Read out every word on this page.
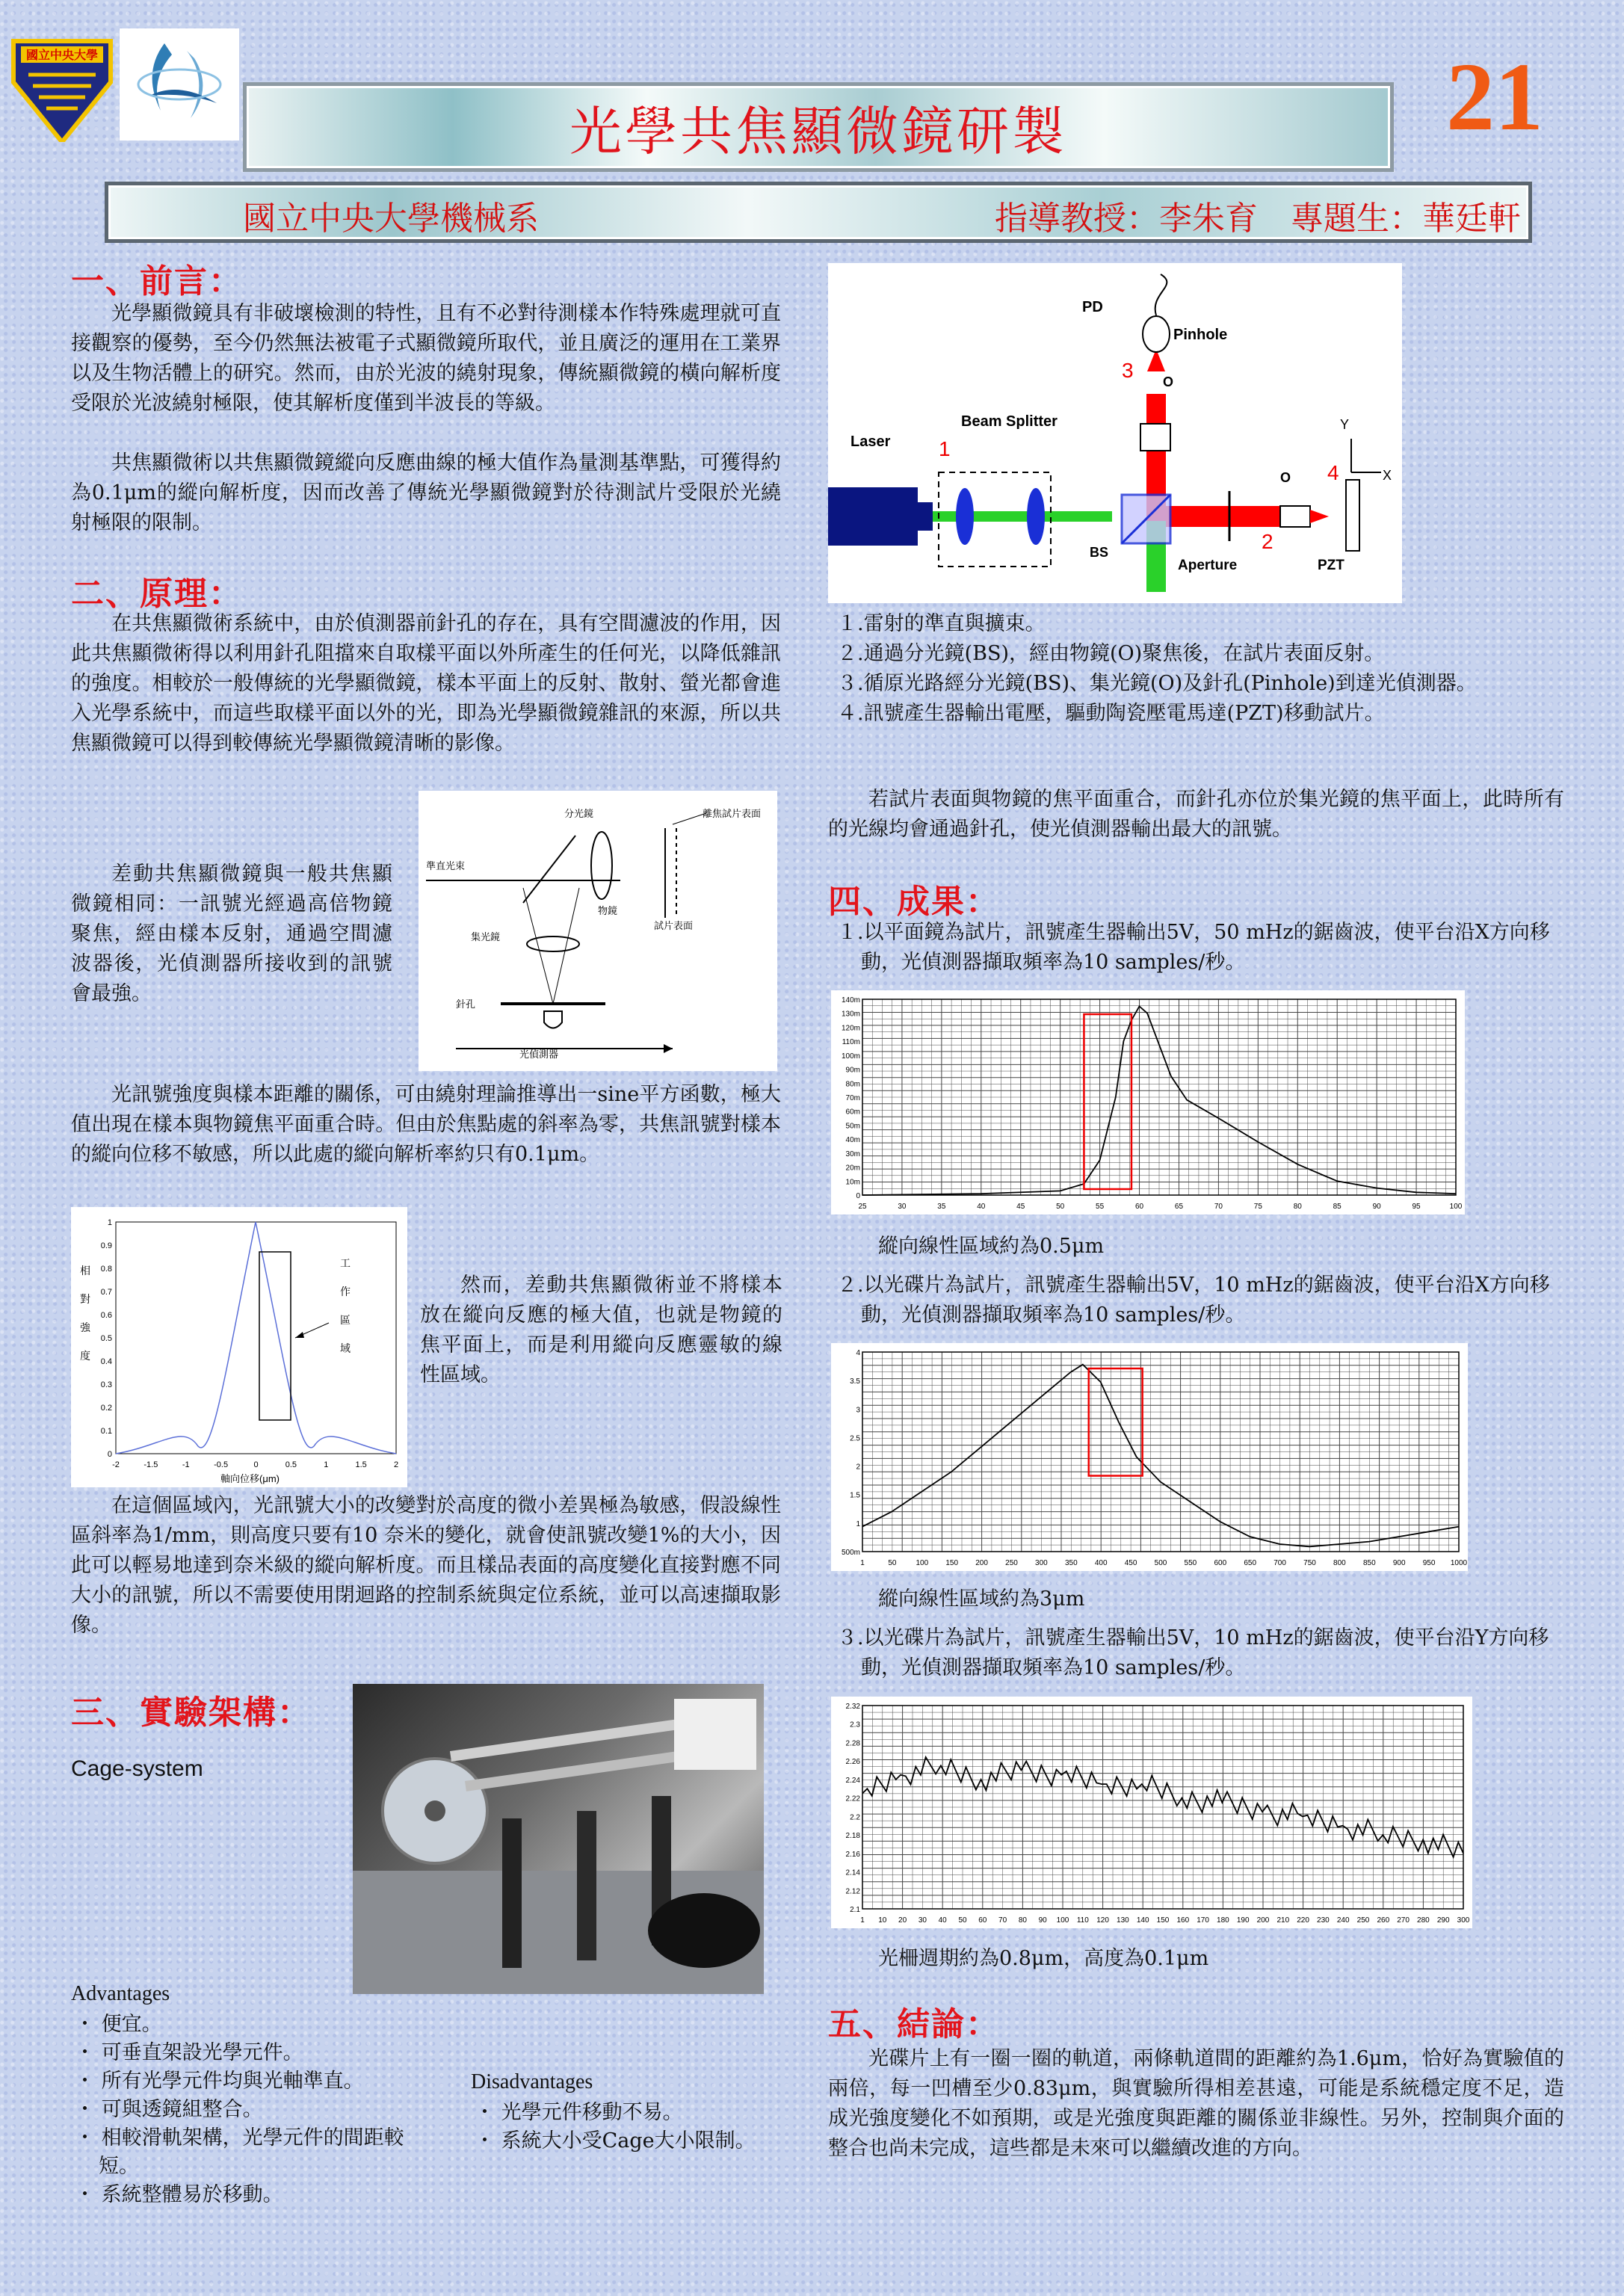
國立中央大學
光學共焦顯微鏡研製	21
國立中央大學機械系	指導教授：李朱育　專題生：華廷軒
一、前言：
光學顯微鏡具有非破壞檢測的特性，且有不必對待測樣本作特殊處理就可直接觀察的優勢，至今仍然無法被電子式顯微鏡所取代，並且廣泛的運用在工業界以及生物活體上的研究。然而，由於光波的繞射現象，傳統顯微鏡的橫向解析度受限於光波繞射極限，使其解析度僅到半波長的等級。
共焦顯微術以共焦顯微鏡縱向反應曲線的極大值作為量測基準點，可獲得約為0.1μm的縱向解析度，因而改善了傳統光學顯微鏡對於待測試片受限於光繞射極限的限制。
二、原理：
在共焦顯微術系統中，由於偵測器前針孔的存在，具有空間濾波的作用，因此共焦顯微術得以利用針孔阻擋來自取樣平面以外所產生的任何光，以降低雜訊的強度。相較於一般傳統的光學顯微鏡，樣本平面上的反射、散射、螢光都會進入光學系統中，而這些取樣平面以外的光，即為光學顯微鏡雜訊的來源，所以共焦顯微鏡可以得到較傳統光學顯微鏡清晰的影像。
分光鏡	離焦試片表面
準直光束
物鏡
試片表面
集光鏡
針孔
光偵測器
差動共焦顯微鏡與一般共焦顯微鏡相同：一訊號光經過高倍物鏡聚焦，經由樣本反射，通過空間濾波器後，光偵測器所接收到的訊號會最強。
光訊號強度與樣本距離的關係，可由繞射理論推導出一sine平方函數，極大值出現在樣本與物鏡焦平面重合時。但由於焦點處的斜率為零，共焦訊號對樣本的縱向位移不敏感，所以此處的縱向解析率約只有0.1μm。
相
對
強
度
0
0.1
0.2
0.3
0.4
0.5
0.6
0.7
0.8
0.9
1
-2	-1.5	-1	-0.5	0	0.5	1	1.5	2
工
作
區
域
軸向位移(μm)
然而，差動共焦顯微術並不將樣本放在縱向反應的極大值，也就是物鏡的焦平面上，而是利用縱向反應靈敏的線性區域。
在這個區域內，光訊號大小的改變對於高度的微小差異極為敏感，假設線性區斜率為1/mm，則高度只要有10 奈米的變化，就會使訊號改變1%的大小，因此可以輕易地達到奈米級的縱向解析度。而且樣品表面的高度變化直接對應不同大小的訊號，所以不需要使用閉迴路的控制系統與定位系統，並可以高速擷取影像。
三、實驗架構：
Cage-system
Advantages
・ 便宜。
・ 可垂直架設光學元件。
・ 所有光學元件均與光軸準直。
・ 可與透鏡組整合。
・ 相較滑軌架構，光學元件的間距較短。
・ 系統整體易於移動。
Disadvantages
・ 光學元件移動不易。
・ 系統大小受Cage大小限制。
PD
Pinhole
Beam Splitter
Laser
BS
Aperture	PZT
O
O
Y
X
1
2
3
4
１.雷射的準直與擴束。
２.通過分光鏡(BS)，經由物鏡(O)聚焦後，在試片表面反射。
３.循原光路經分光鏡(BS)、集光鏡(O)及針孔(Pinhole)到達光偵測器。
４.訊號產生器輸出電壓，驅動陶瓷壓電馬達(PZT)移動試片。
若試片表面與物鏡的焦平面重合，而針孔亦位於集光鏡的焦平面上，此時所有的光線均會通過針孔，使光偵測器輸出最大的訊號。
四、成果：
１.以平面鏡為試片，訊號產生器輸出5V，50 mHz的鋸齒波，使平台沿X方向移動，光偵測器擷取頻率為10 samples/秒。
0
10m
20m
30m
40m
50m
60m
70m
80m
90m
100m
110m
120m
130m
140m
25	30	35	40	45	50	55	60	65	70	75	80	85	90	95	100
縱向線性區域約為0.5μm
２.以光碟片為試片，訊號產生器輸出5V，10 mHz的鋸齒波，使平台沿X方向移動，光偵測器擷取頻率為10 samples/秒。
500m
1
1.5
2
2.5
3
3.5
4
1	50	100 150 200 250 300 350 400 450 500 550 600 650 700 750 800 850 900 950 1000
縱向線性區域約為3μm
３.以光碟片為試片，訊號產生器輸出5V，10 mHz的鋸齒波，使平台沿Y方向移動，光偵測器擷取頻率為10 samples/秒。
2.1
2.12
2.14
2.16
2.18
2.2
2.22
2.24
2.26
2.28
2.3
2.32
1 10 20 30 40 50 60 70 80 90 100 110 120 130 140 150 160 170 180 190 200 210 220 230 240 250 260 270 280 290 300
光柵週期約為0.8μm，高度為0.1μm
五、結論：
光碟片上有一圈一圈的軌道，兩條軌道間的距離約為1.6μm，恰好為實驗值的兩倍，每一凹槽至少0.83μm，與實驗所得相差甚遠，可能是系統穩定度不足，造成光強度變化不如預期，或是光強度與距離的關係並非線性。另外，控制與介面的整合也尚未完成，這些都是未來可以繼續改進的方向。
